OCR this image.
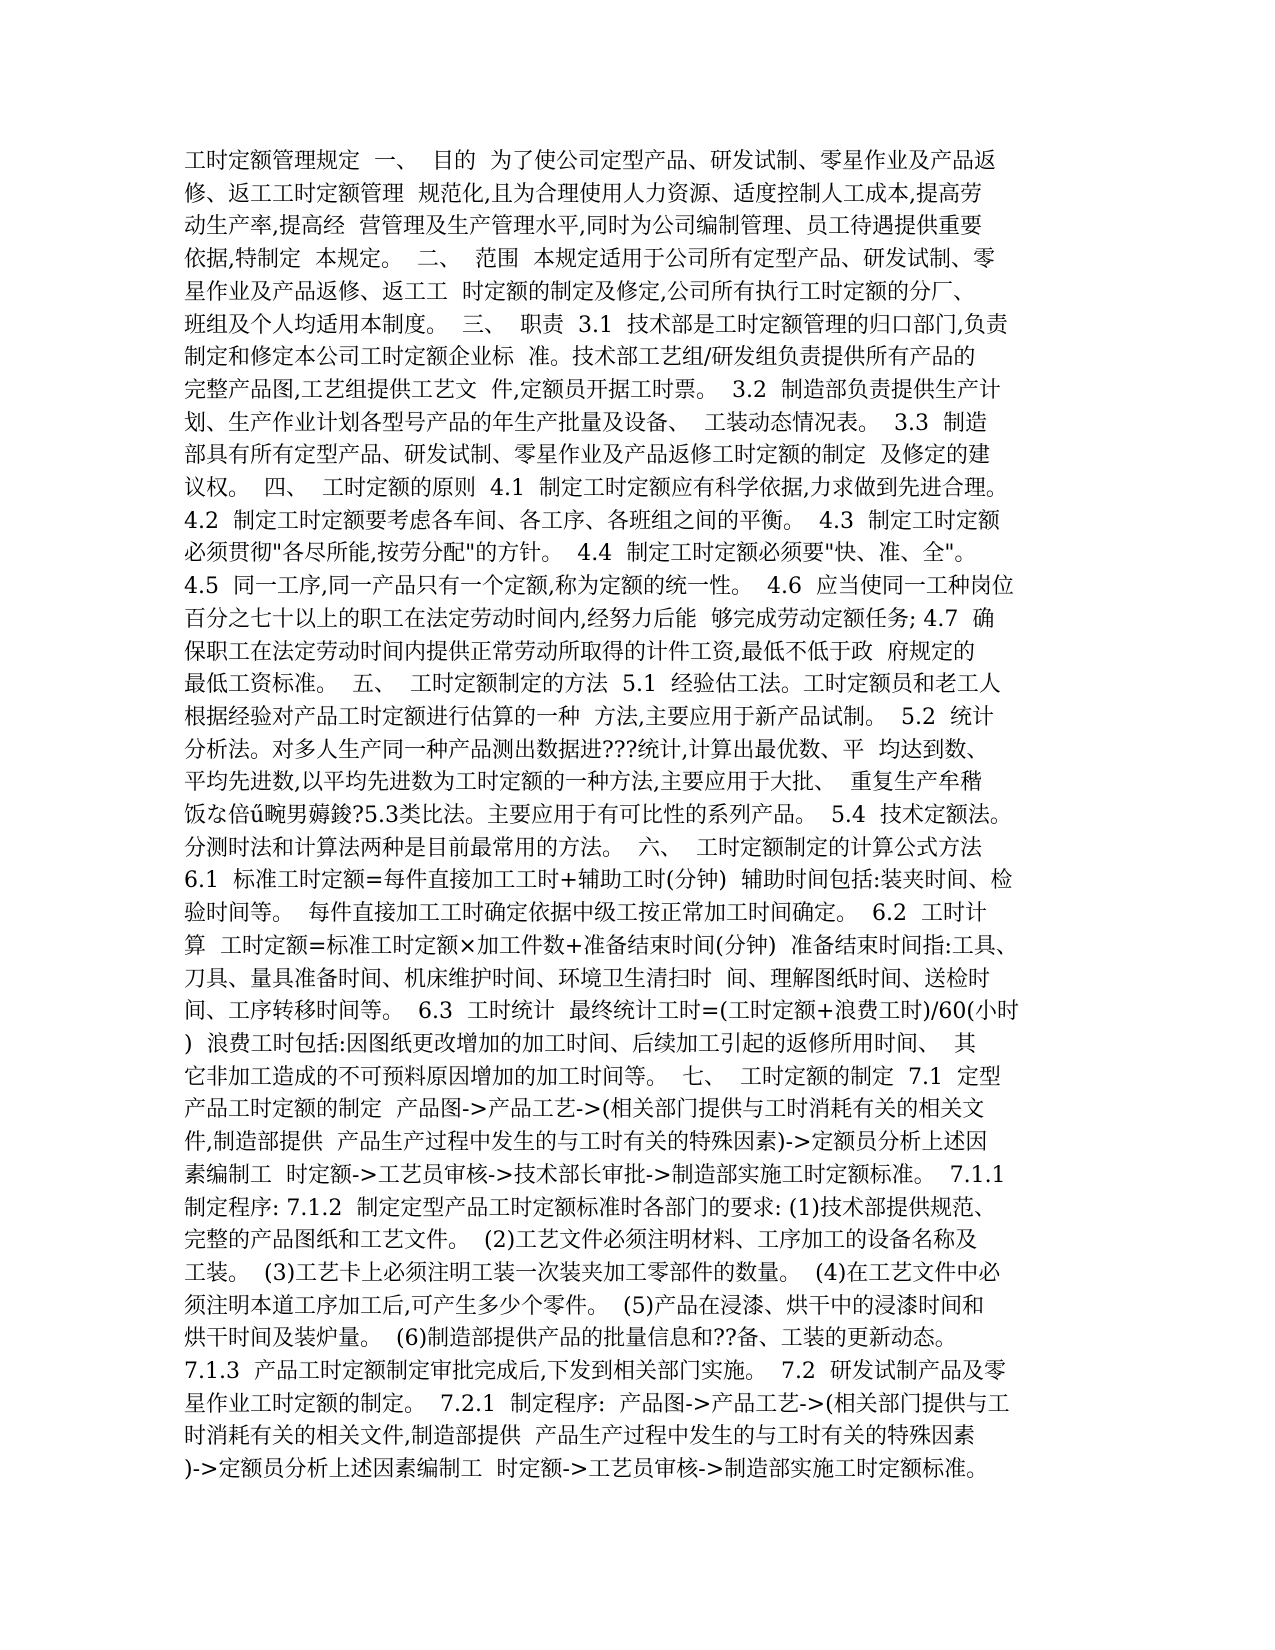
工时定额管理规定  一、  目的  为了使公司定型产品、研发试制、零星作业及产品返
修、返工工时定额管理  规范化,且为合理使用人力资源、适度控制人工成本,提高劳
动生产率,提高经  营管理及生产管理水平,同时为公司编制管理、员工待遇提供重要
依据,特制定  本规定。  二、  范围  本规定适用于公司所有定型产品、研发试制、零
星作业及产品返修、返工工  时定额的制定及修定,公司所有执行工时定额的分厂、
班组及个人均适用本制度。  三、  职责  3.1  技术部是工时定额管理的归口部门,负责
制定和修定本公司工时定额企业标  准。技术部工艺组/研发组负责提供所有产品的
完整产品图,工艺组提供工艺文  件,定额员开据工时票。  3.2  制造部负责提供生产计
划、生产作业计划各型号产品的年生产批量及设备、  工装动态情况表。  3.3  制造
部具有所有定型产品、研发试制、零星作业及产品返修工时定额的制定  及修定的建
议权。  四、  工时定额的原则  4.1  制定工时定额应有科学依据,力求做到先进合理。
4.2  制定工时定额要考虑各车间、各工序、各班组之间的平衡。  4.3  制定工时定额
必须贯彻"各尽所能,按劳分配"的方针。  4.4  制定工时定额必须要"快、准、全"。
4.5  同一工序,同一产品只有一个定额,称为定额的统一性。  4.6  应当使同一工种岗位
百分之七十以上的职工在法定劳动时间内,经努力后能  够完成劳动定额任务; 4.7  确
保职工在法定劳动时间内提供正常劳动所取得的计件工资,最低不低于政  府规定的
最低工资标准。  五、  工时定额制定的方法  5.1  经验估工法。工时定额员和老工人
根据经验对产品工时定额进行估算的一种  方法,主要应用于新产品试制。  5.2  统计
分析法。对多人生产同一种产品测出数据进???统计,计算出最优数、平  均达到数、
平均先进数,以平均先进数为工时定额的一种方法,主要应用于大批、  重复生产牟稭
饭な倍ű畹男薅鋑?5.3类比法。主要应用于有可比性的系列产品。  5.4  技术定额法。
分测时法和计算法两种是目前最常用的方法。  六、  工时定额制定的计算公式方法
6.1  标准工时定额=每件直接加工工时+辅助工时(分钟)  辅助时间包括:装夹时间、检
验时间等。  每件直接加工工时确定依据中级工按正常加工时间确定。  6.2  工时计
算  工时定额=标准工时定额×加工件数+准备结束时间(分钟)  准备结束时间指:工具、
刀具、量具准备时间、机床维护时间、环境卫生清扫时  间、理解图纸时间、送检时
间、工序转移时间等。  6.3  工时统计  最终统计工时=(工时定额+浪费工时)/60(小时
)  浪费工时包括:因图纸更改增加的加工时间、后续加工引起的返修所用时间、  其
它非加工造成的不可预料原因增加的加工时间等。  七、  工时定额的制定  7.1  定型
产品工时定额的制定  产品图->产品工艺->(相关部门提供与工时消耗有关的相关文
件,制造部提供  产品生产过程中发生的与工时有关的特殊因素)->定额员分析上述因
素编制工  时定额->工艺员审核->技术部长审批->制造部实施工时定额标准。  7.1.1
制定程序: 7.1.2  制定定型产品工时定额标准时各部门的要求: (1)技术部提供规范、
完整的产品图纸和工艺文件。  (2)工艺文件必须注明材料、工序加工的设备名称及
工装。  (3)工艺卡上必须注明工装一次装夹加工零部件的数量。  (4)在工艺文件中必
须注明本道工序加工后,可产生多少个零件。  (5)产品在浸漆、烘干中的浸漆时间和
烘干时间及装炉量。  (6)制造部提供产品的批量信息和??备、工装的更新动态。
7.1.3  产品工时定额制定审批完成后,下发到相关部门实施。  7.2  研发试制产品及零
星作业工时定额的制定。  7.2.1  制定程序:  产品图->产品工艺->(相关部门提供与工
时消耗有关的相关文件,制造部提供  产品生产过程中发生的与工时有关的特殊因素
)->定额员分析上述因素编制工  时定额->工艺员审核->制造部实施工时定额标准。
